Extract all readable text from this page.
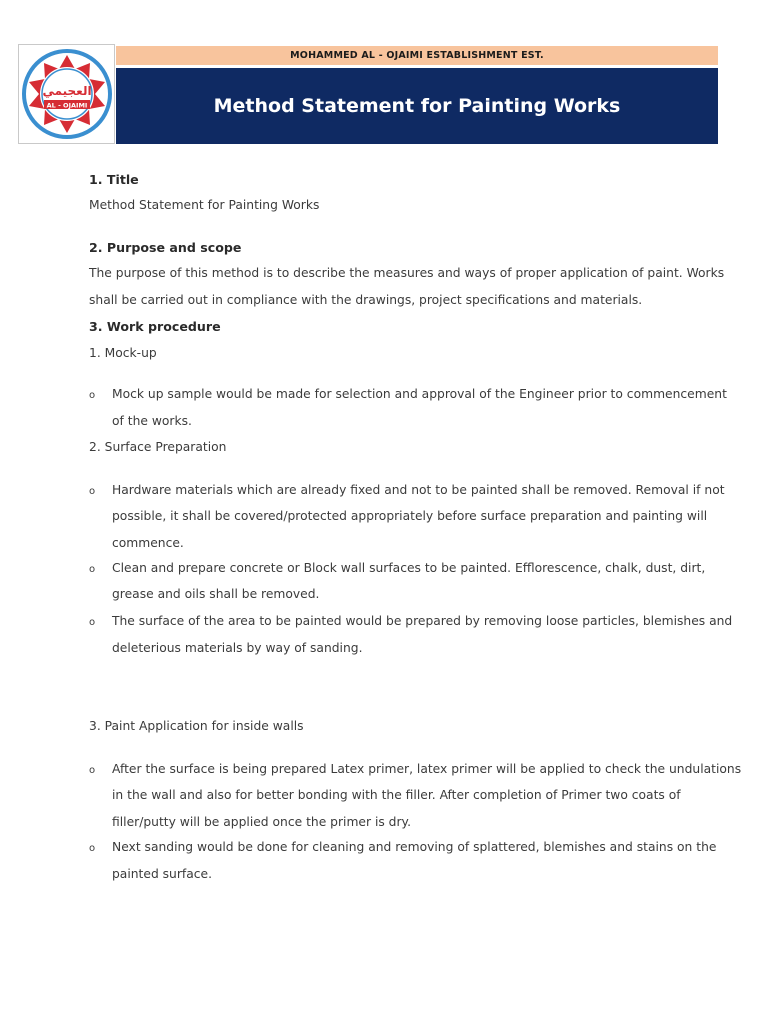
العجيمي
AL - OJAIMI
MOHAMMED AL - OJAIMI ESTABLISHMENT EST.
Method Statement for Painting Works
1. Title
Method Statement for Painting Works
2. Purpose and scope
The purpose of this method is to describe the measures and ways of proper application of paint. Works
shall be carried out in compliance with the drawings, project specifications and materials.
3. Work procedure
1. Mock-up
o Mock up sample would be made for selection and approval of the Engineer prior to commencement
of the works.
2. Surface Preparation
o Hardware materials which are already fixed and not to be painted shall be removed. Removal if not
possible, it shall be covered/protected appropriately before surface preparation and painting will
commence.
o Clean and prepare concrete or Block wall surfaces to be painted. Efflorescence, chalk, dust, dirt,
grease and oils shall be removed.
o The surface of the area to be painted would be prepared by removing loose particles, blemishes and
deleterious materials by way of sanding.
3. Paint Application for inside walls
o After the surface is being prepared Latex primer, latex primer will be applied to check the undulations
in the wall and also for better bonding with the filler. After completion of Primer two coats of
filler/putty will be applied once the primer is dry.
o Next sanding would be done for cleaning and removing of splattered, blemishes and stains on the
painted surface.
